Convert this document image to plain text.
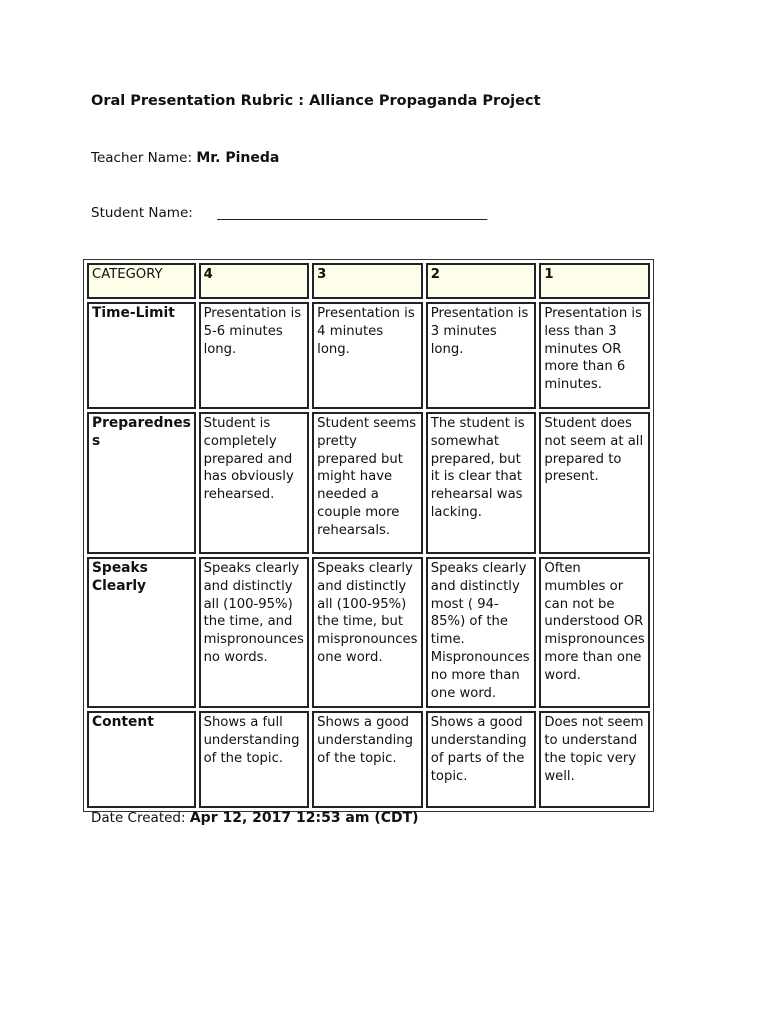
Oral Presentation Rubric : Alliance Propaganda Project
Teacher Name: Mr. Pineda
Student Name: ________________________________________
CATEGORY	4	3	2	1
Time-Limit	Presentation is 5-6 minutes long.	Presentation is 4 minutes long.	Presentation is 3 minutes long.	Presentation is less than 3 minutes OR more than 6 minutes.
Preparedness	Student is completely prepared and has obviously rehearsed.	Student seems pretty prepared but might have needed a couple more rehearsals.	The student is somewhat prepared, but it is clear that rehearsal was lacking.	Student does not seem at all prepared to present.
Speaks Clearly	Speaks clearly and distinctly all (100-95%) the time, and mispronounces no words.	Speaks clearly and distinctly all (100-95%) the time, but mispronounces one word.	Speaks clearly and distinctly most ( 94-85%) of the time. Mispronounces no more than one word.	Often mumbles or can not be understood OR mispronounces more than one word.
Content	Shows a full understanding of the topic.	Shows a good understanding of the topic.	Shows a good understanding of parts of the topic.	Does not seem to understand the topic very well.
Date Created: Apr 12, 2017 12:53 am (CDT)
